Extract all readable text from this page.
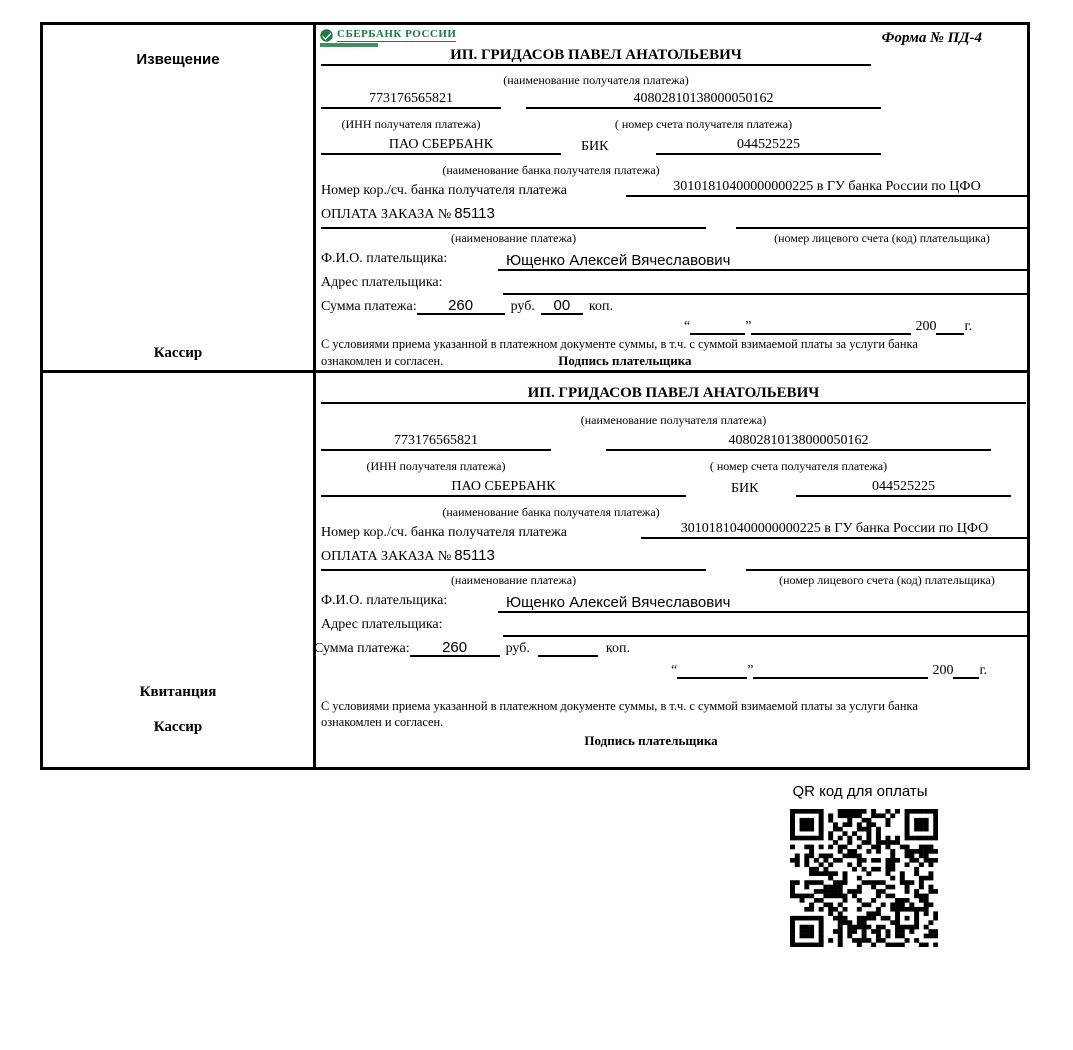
Извещение
Кассир
СБЕРБАНК РОССИИ	Форма № ПД-4
ИП. ГРИДАСОВ ПАВЕЛ АНАТОЛЬЕВИЧ
(наименование получателя платежа)
773176565821	40802810138000050162
(ИНН получателя платежа)	( номер счета получателя платежа)
ПАО СБЕРБАНК	БИК	044525225
(наименование банка получателя платежа)
Номер кор./сч. банка получателя платежа	30101810400000000225 в ГУ банка России по ЦФО
ОПЛАТА ЗАКАЗА № 85113
(наименование платежа)	(номер лицевого счета (код) плательщика)
Ф.И.О. плательщика:	Ющенко Алексей Вячеславович
Адрес плательщика:
Сумма платежа:	260	руб.	00	коп.
“	”	200 г.
С условиями приема указанной в платежном документе суммы, в т.ч. с суммой взимаемой платы за услуги банка
ознакомлен и согласен.	Подпись плательщика
Квитанция
Кассир
ИП. ГРИДАСОВ ПАВЕЛ АНАТОЛЬЕВИЧ
(наименование получателя платежа)
773176565821	40802810138000050162
(ИНН получателя платежа)	( номер счета получателя платежа)
ПАО СБЕРБАНК	БИК	044525225
(наименование банка получателя платежа)
Номер кор./сч. банка получателя платежа	30101810400000000225 в ГУ банка России по ЦФО
ОПЛАТА ЗАКАЗА № 85113
(наименование платежа)	(номер лицевого счета (код) плательщика)
Ф.И.О. плательщика:	Ющенко Алексей Вячеславович
Адрес плательщика:
Сумма платежа:	260	руб.	коп.
“	”	200 г.
С условиями приема указанной в платежном документе суммы, в т.ч. с суммой взимаемой платы за услуги банка
ознакомлен и согласен.
Подпись плательщика
QR код для оплаты
